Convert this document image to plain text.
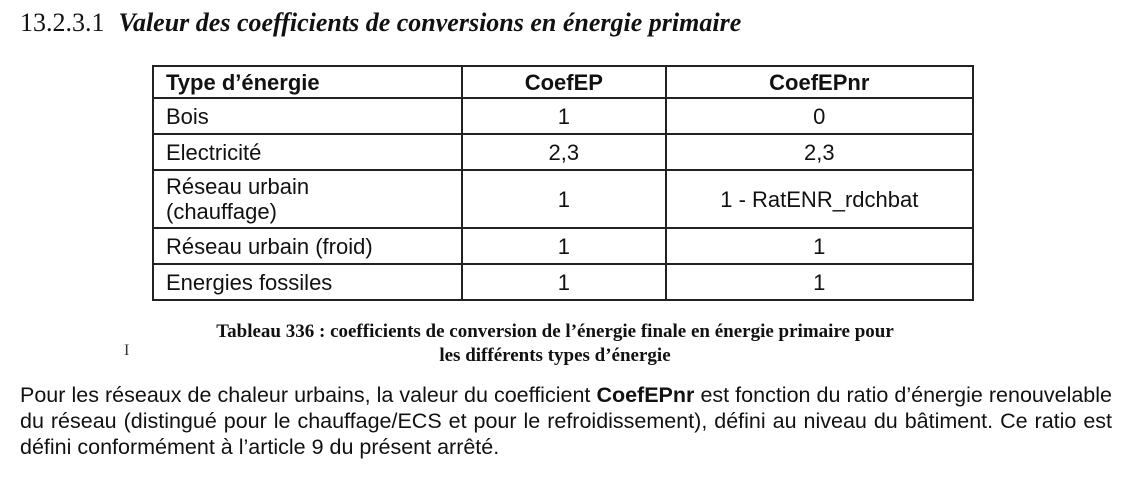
13.2.3.1 Valeur des coefficients de conversions en énergie primaire
Type d’énergie	CoefEP	CoefEPnr
Bois	1	0
Electricité	2,3	2,3
Réseau urbain
(chauffage)	1	1 - RatENR_rdchbat
Réseau urbain (froid)	1	1
Energies fossiles	1	1
Tableau 336 : coefficients de conversion de l’énergie finale en énergie primaire pour
les différents types d’énergie
I

Pour les réseaux de chaleur urbains, la valeur du coefficient CoefEPnr est fonction du ratio d’énergie renouvelable du réseau (distingué pour le chauffage/ECS et pour le refroidissement), défini au niveau du bâtiment. Ce ratio est défini conformément à l’article 9 du présent arrêté.
